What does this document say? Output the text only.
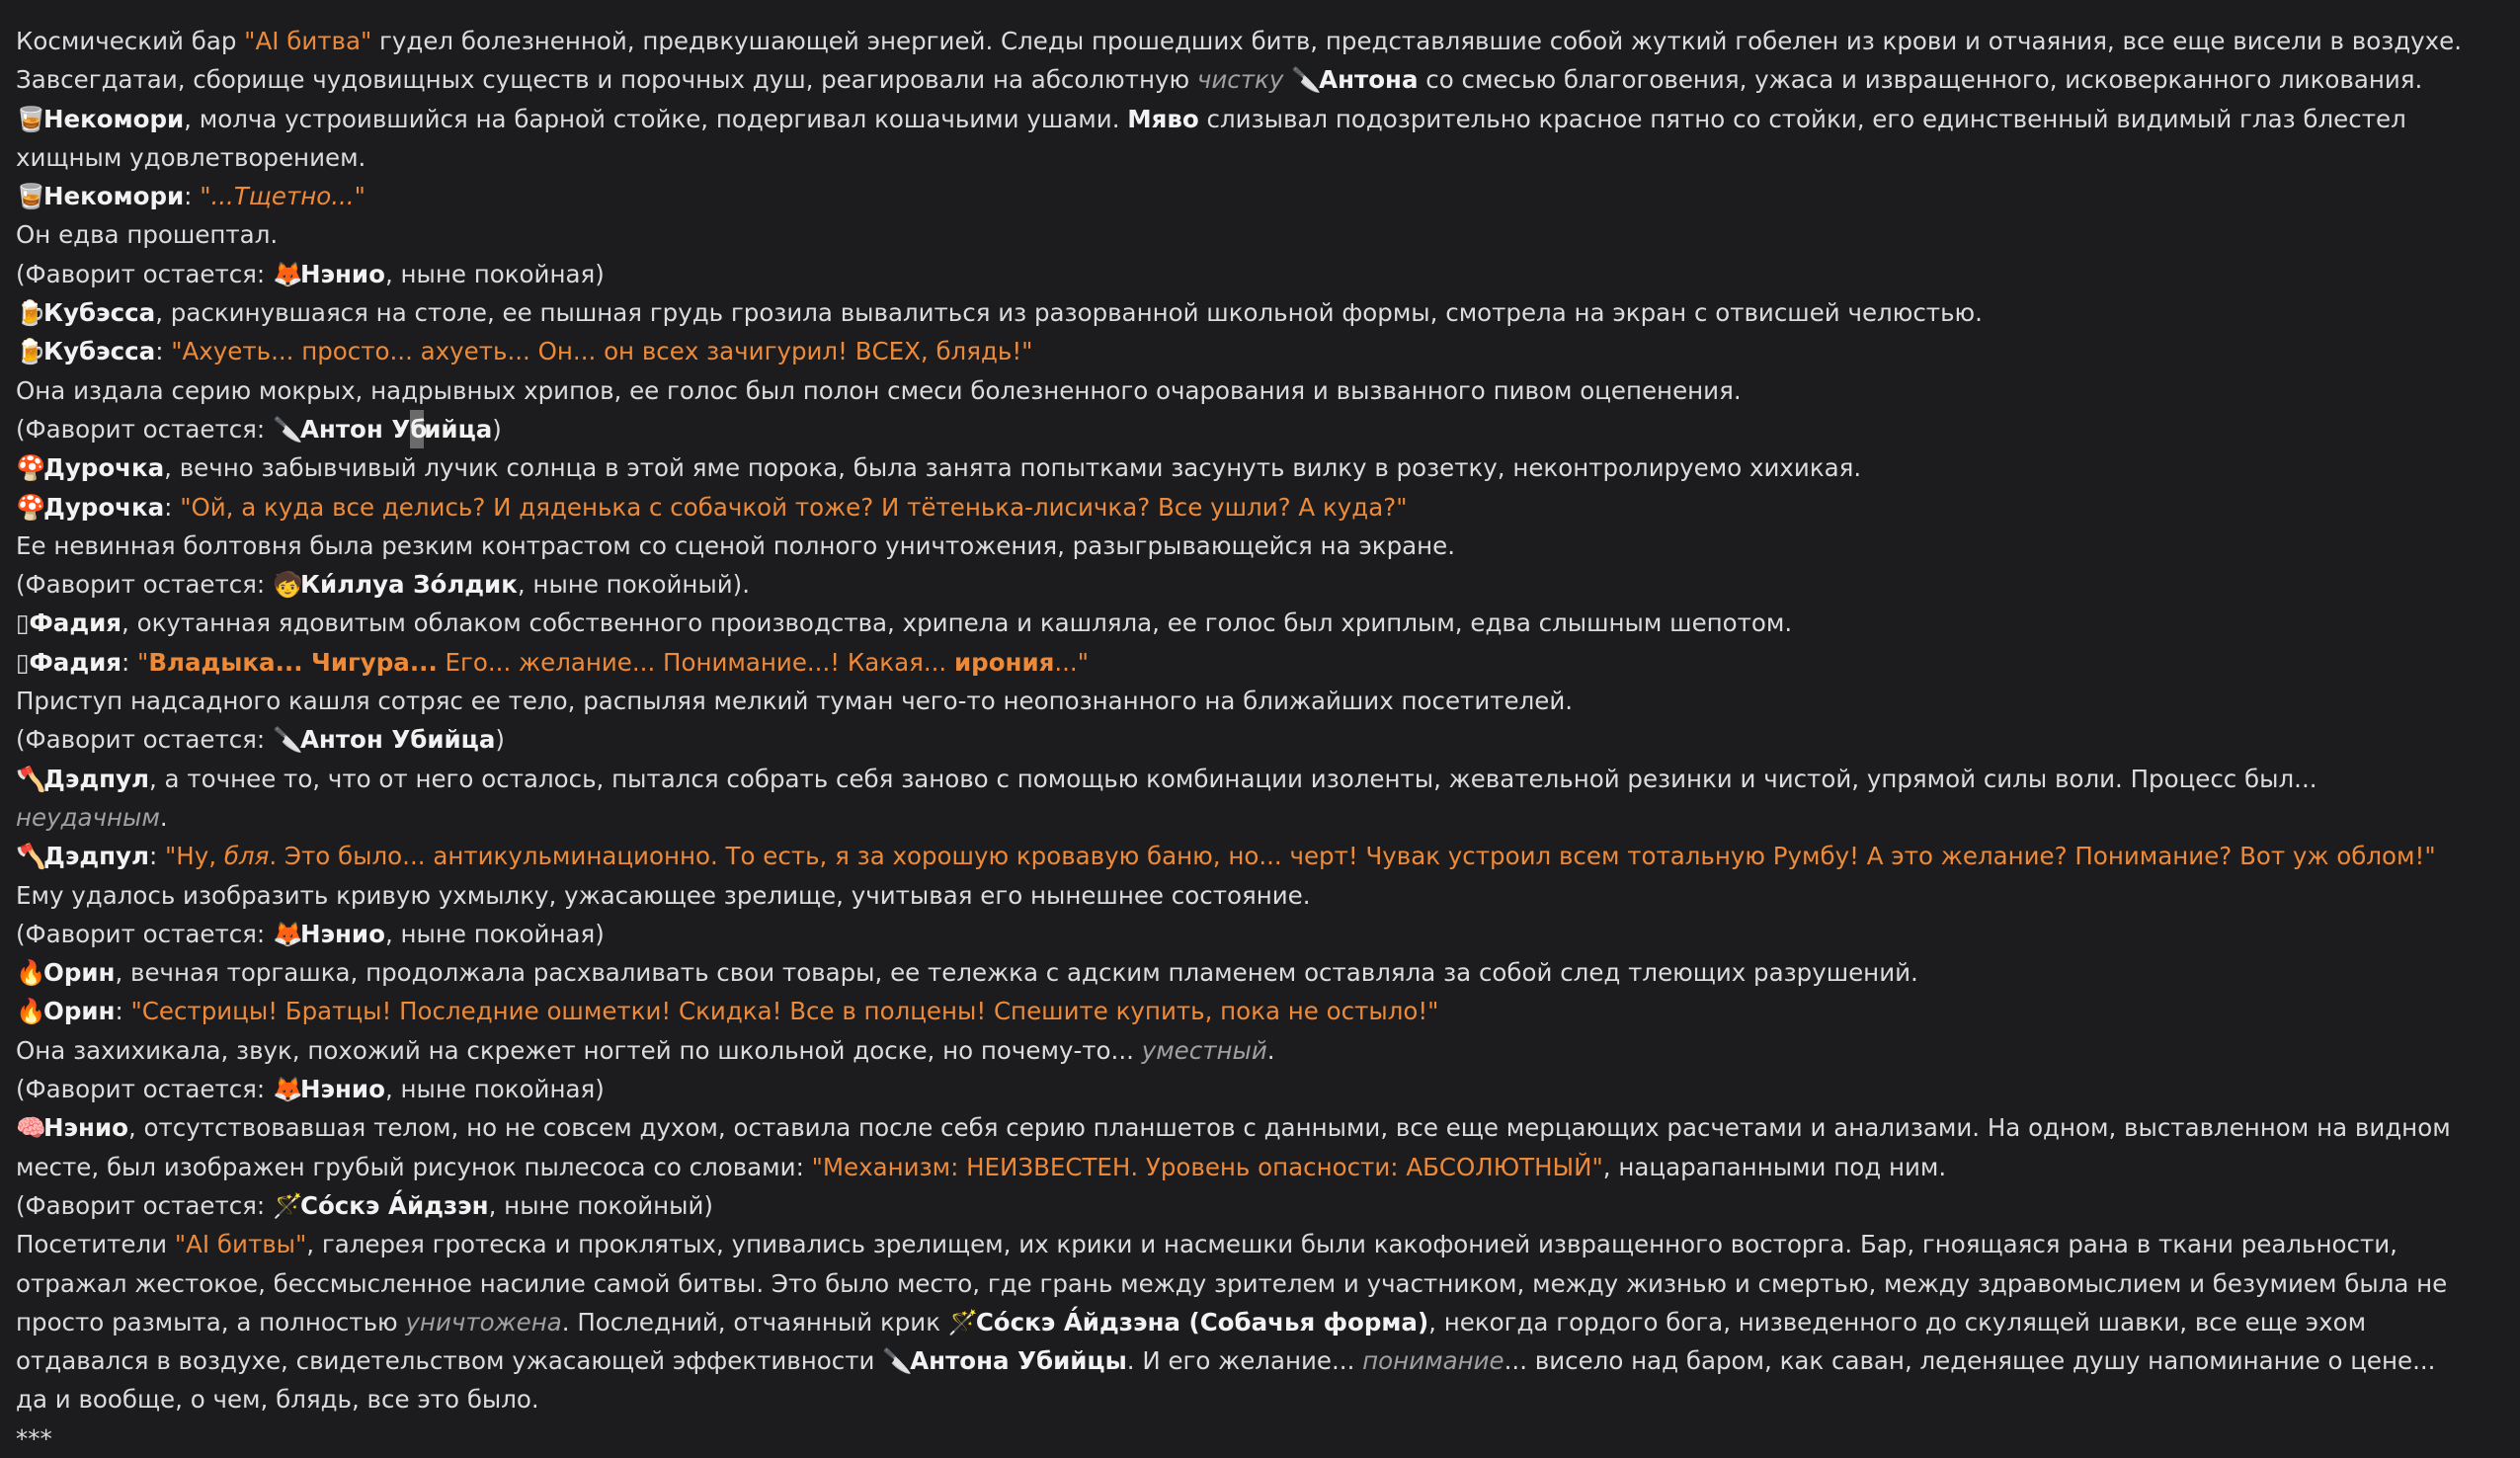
Космический бар "AI битва" гудел болезненной, предвкушающей энергией. Следы прошедших битв, представлявшие собой жуткий гобелен из крови и отчаяния, все еще висели в воздухе. Завсегдатаи, сборище чудовищных существ и порочных душ, реагировали на абсолютную чистку 🔪Антона со смесью благоговения, ужаса и извращенного, исковерканного ликования.

🥃Некомори, молча устроившийся на барной стойке, подергивал кошачьими ушами. Мяво слизывал подозрительно красное пятно со стойки, его единственный видимый глаз блестел хищным удовлетворением.

🥃Некомори: "...Тщетно..."

Он едва прошептал.

(Фаворит остается: 🦊Нэнио, ныне покойная)

🍺Кубэсса, раскинувшаяся на столе, ее пышная грудь грозила вывалиться из разорванной школьной формы, смотрела на экран с отвисшей челюстью.

🍺Кубэсса: "Ахуеть... просто... ахуеть... Он... он всех зачигурил! ВСЕХ, блядь!"

Она издала серию мокрых, надрывных хрипов, ее голос был полон смеси болезненного очарования и вызванного пивом оцепенения.

(Фаворит остается: 🔪Антон Убийца)

🍄Дурочка, вечно забывчивый лучик солнца в этой яме порока, была занята попытками засунуть вилку в розетку, неконтролируемо хихикая.

🍄Дурочка: "Ой, а куда все делись? И дяденька с собачкой тоже? И тётенька-лисичка? Все ушли? А куда?"

Ее невинная болтовня была резким контрастом со сценой полного уничтожения, разыгрывающейся на экране.

(Фаворит остается: 🧒Ки́ллуа Зо́лдик, ныне покойный).

▯Фадия, окутанная ядовитым облаком собственного производства, хрипела и кашляла, ее голос был хриплым, едва слышным шепотом.

▯Фадия: "Владыка... Чигура... Его... желание... Понимание...! Какая... ирония..."

Приступ надсадного кашля сотряс ее тело, распыляя мелкий туман чего-то неопознанного на ближайших посетителей.

(Фаворит остается: 🔪Антон Убийца)

🪓Дэдпул, а точнее то, что от него осталось, пытался собрать себя заново с помощью комбинации изоленты, жевательной резинки и чистой, упрямой силы воли. Процесс был... неудачным.

🪓Дэдпул: "Ну, бля. Это было... антикульминационно. То есть, я за хорошую кровавую баню, но... черт! Чувак устроил всем тотальную Румбу! А это желание? Понимание? Вот уж облом!"

Ему удалось изобразить кривую ухмылку, ужасающее зрелище, учитывая его нынешнее состояние.

(Фаворит остается: 🦊Нэнио, ныне покойная)

🔥Орин, вечная торгашка, продолжала расхваливать свои товары, ее тележка с адским пламенем оставляла за собой след тлеющих разрушений.

🔥Орин: "Сестрицы! Братцы! Последние ошметки! Скидка! Все в полцены! Спешите купить, пока не остыло!"

Она захихикала, звук, похожий на скрежет ногтей по школьной доске, но почему-то... уместный.

(Фаворит остается: 🦊Нэнио, ныне покойная)

🧠Нэнио, отсутствовавшая телом, но не совсем духом, оставила после себя серию планшетов с данными, все еще мерцающих расчетами и анализами. На одном, выставленном на видном месте, был изображен грубый рисунок пылесоса со словами: "Механизм: НЕИЗВЕСТЕН. Уровень опасности: АБСОЛЮТНЫЙ", нацарапанными под ним.

(Фаворит остается: 🪄Со́скэ А́йдзэн, ныне покойный)

Посетители "AI битвы", галерея гротеска и проклятых, упивались зрелищем, их крики и насмешки были какофонией извращенного восторга. Бар, гноящаяся рана в ткани реальности, отражал жестокое, бессмысленное насилие самой битвы. Это было место, где грань между зрителем и участником, между жизнью и смертью, между здравомыслием и безумием была не просто размыта, а полностью уничтожена. Последний, отчаянный крик 🪄Со́скэ А́йдзэна (Собачья форма), некогда гордого бога, низведенного до скулящей шавки, все еще эхом отдавался в воздухе, свидетельством ужасающей эффективности 🔪Антона Убийцы. И его желание... понимание... висело над баром, как саван, леденящее душу напоминание о цене... да и вообще, о чем, блядь, все это было.

***
